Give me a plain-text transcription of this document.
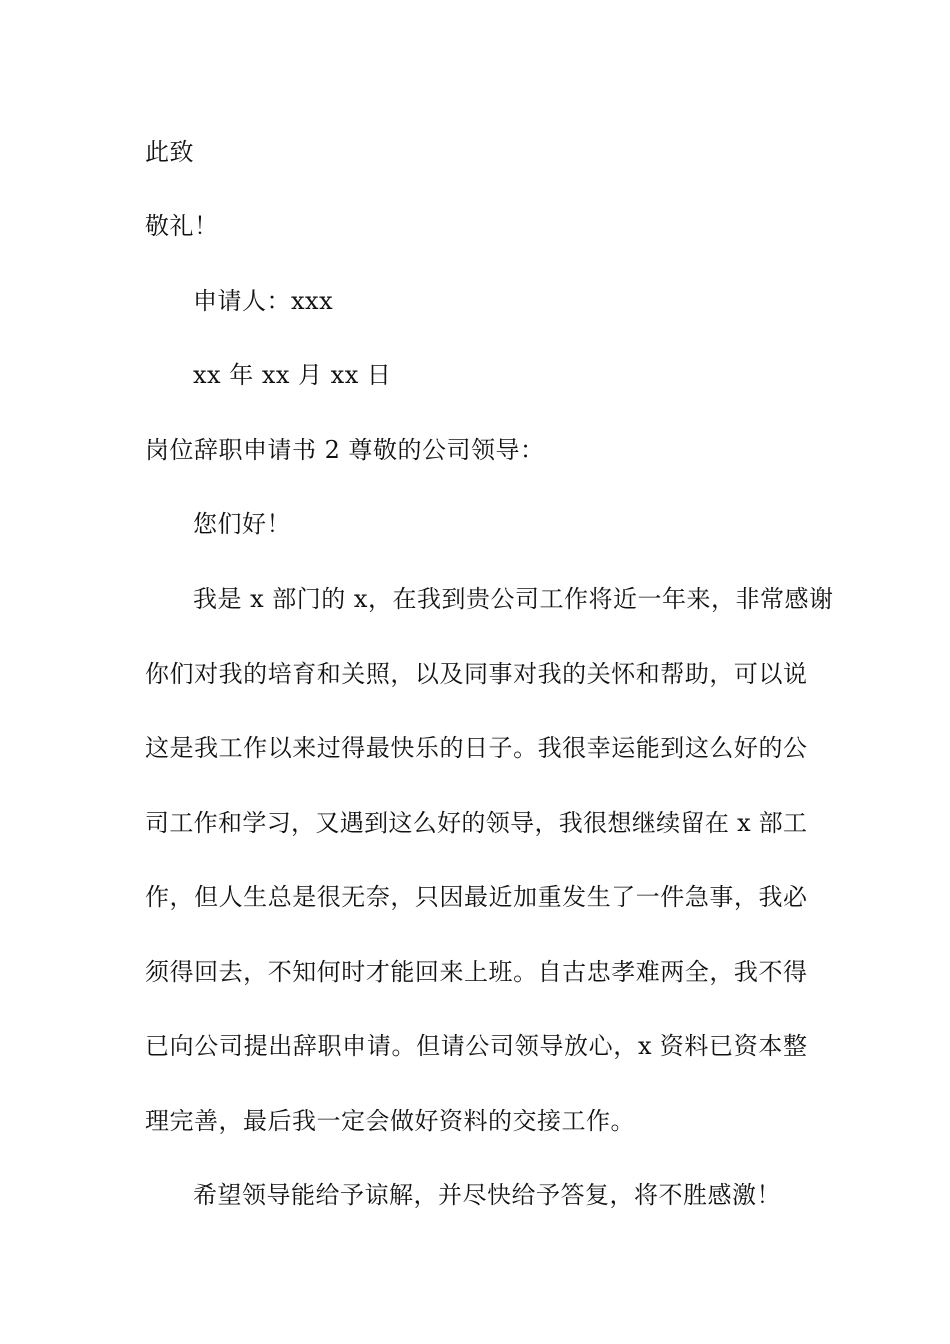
此致
敬礼！
申请人：xxx
xx 年 xx 月 xx 日
岗位辞职申请书 2 尊敬的公司领导：
您们好！
我是 x 部门的 x，在我到贵公司工作将近一年来，非常感谢
你们对我的培育和关照，以及同事对我的关怀和帮助，可以说
这是我工作以来过得最快乐的日子。我很幸运能到这么好的公
司工作和学习，又遇到这么好的领导，我很想继续留在 x 部工
作，但人生总是很无奈，只因最近加重发生了一件急事，我必
须得回去，不知何时才能回来上班。自古忠孝难两全，我不得
已向公司提出辞职申请。但请公司领导放心，x 资料已资本整
理完善，最后我一定会做好资料的交接工作。
希望领导能给予谅解，并尽快给予答复，将不胜感激！
